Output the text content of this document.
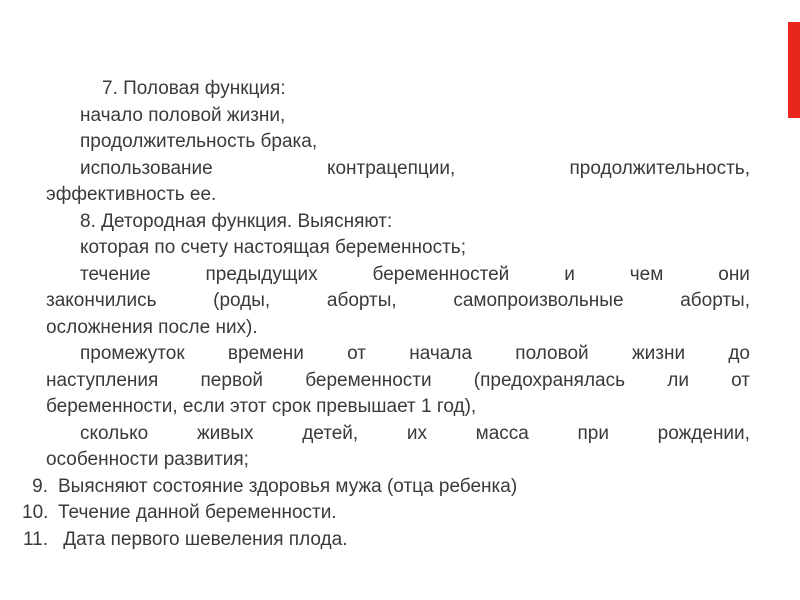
7. Половая функция:
начало половой жизни,
продолжительность брака,
использование	контрацепции,	продолжительность,
эффективность ее.
8. Детородная функция. Выясняют:
которая по счету настоящая беременность;
течение	предыдущих	беременностей	и	чем	они
закончились	(роды,	аборты,	самопроизвольные	аборты,
осложнения после них).
промежуток времени от начала половой жизни до
наступления первой беременности (предохранялась ли от
беременности, если этот срок превышает 1 год),
сколько	живых	детей,	их	масса	при	рождении,
особенности развития;
9. Выясняют состояние здоровья мужа (отца ребенка)
10. Течение данной беременности.
11. Дата первого шевеления плода.
